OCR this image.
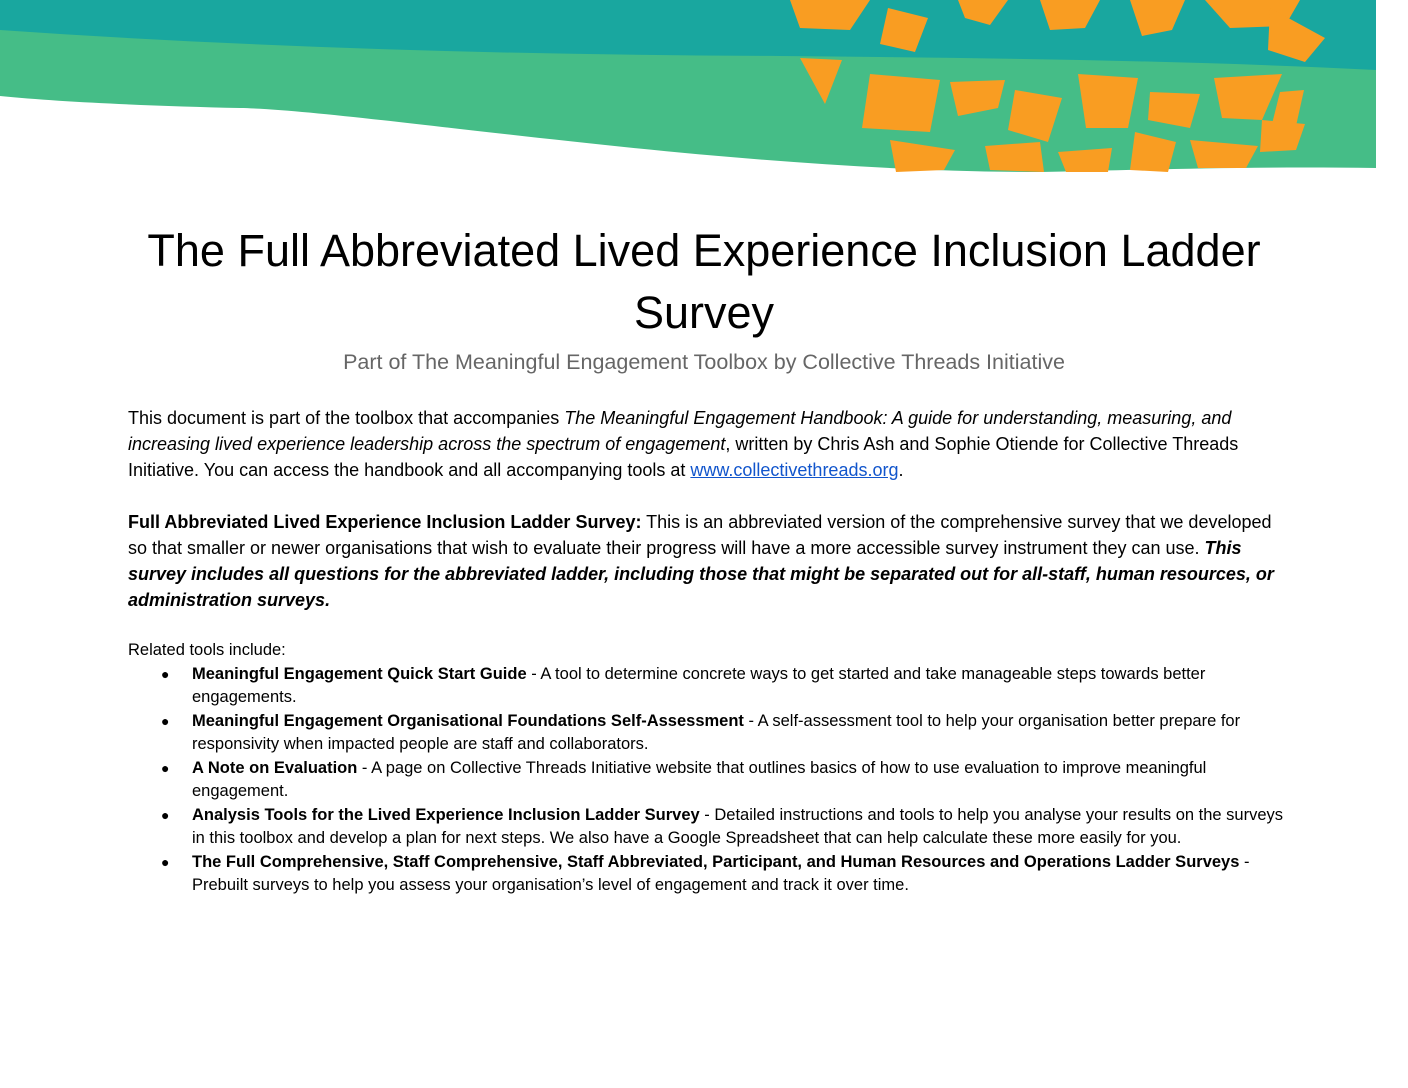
The Full Abbreviated Lived Experience Inclusion Ladder Survey

Part of The Meaningful Engagement Toolbox by Collective Threads Initiative

This document is part of the toolbox that accompanies The Meaningful Engagement Handbook: A guide for understanding, measuring, and increasing lived experience leadership across the spectrum of engagement, written by Chris Ash and Sophie Otiende for Collective Threads Initiative. You can access the handbook and all accompanying tools at www.collectivethreads.org.

Full Abbreviated Lived Experience Inclusion Ladder Survey: This is an abbreviated version of the comprehensive survey that we developed so that smaller or newer organisations that wish to evaluate their progress will have a more accessible survey instrument they can use. This survey includes all questions for the abbreviated ladder, including those that might be separated out for all-staff, human resources, or administration surveys.

Related tools include:

● Meaningful Engagement Quick Start Guide - A tool to determine concrete ways to get started and take manageable steps towards better engagements.
● Meaningful Engagement Organisational Foundations Self-Assessment - A self-assessment tool to help your organisation better prepare for responsivity when impacted people are staff and collaborators.
● A Note on Evaluation - A page on Collective Threads Initiative website that outlines basics of how to use evaluation to improve meaningful engagement.
● Analysis Tools for the Lived Experience Inclusion Ladder Survey - Detailed instructions and tools to help you analyse your results on the surveys in this toolbox and develop a plan for next steps. We also have a Google Spreadsheet that can help calculate these more easily for you.
● The Full Comprehensive, Staff Comprehensive, Staff Abbreviated, Participant, and Human Resources and Operations Ladder Surveys - Prebuilt surveys to help you assess your organisation’s level of engagement and track it over time.
